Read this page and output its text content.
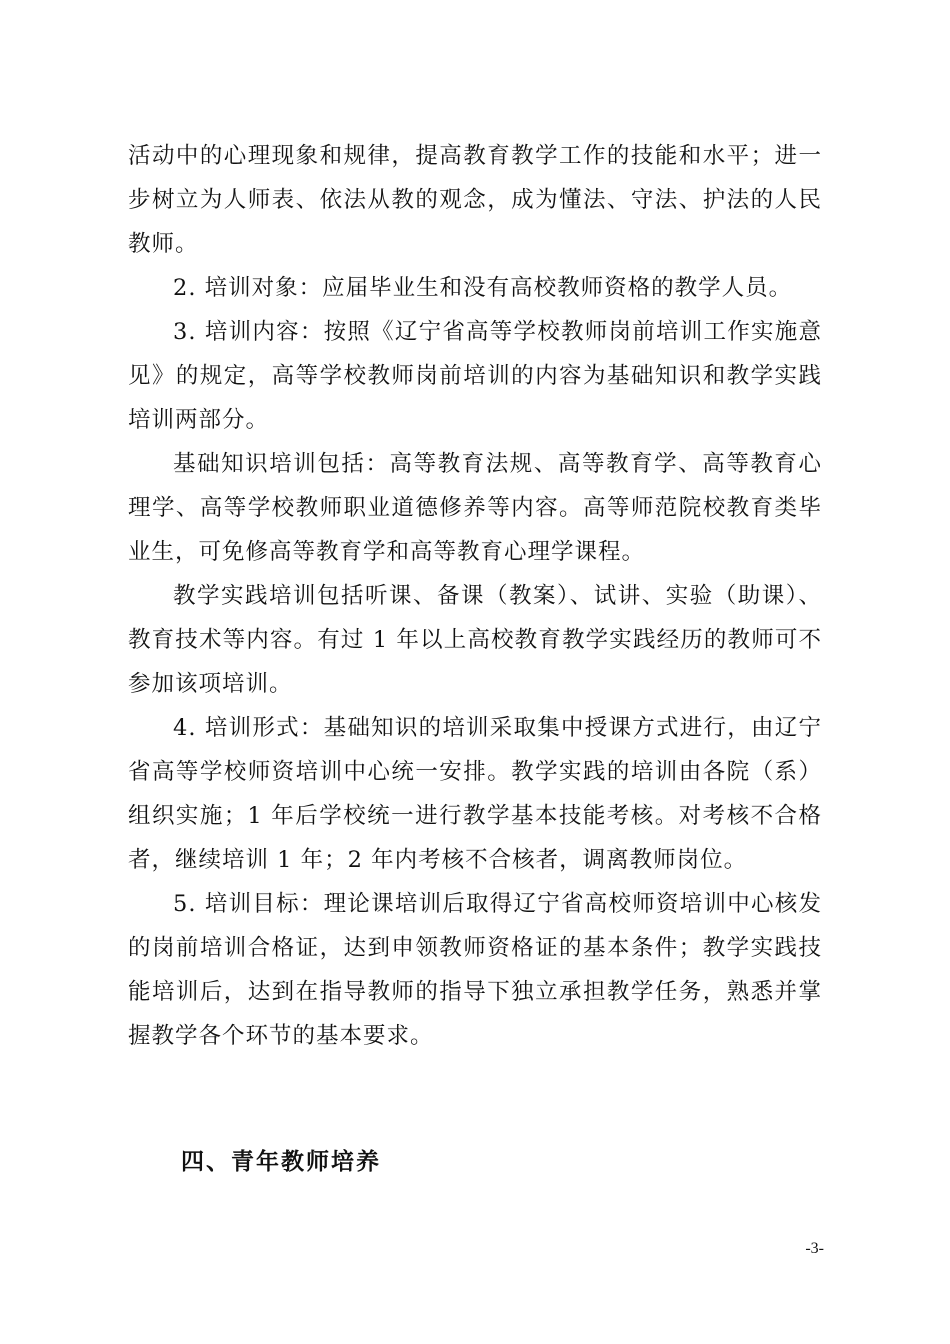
活动中的心理现象和规律，提高教育教学工作的技能和水平；进一步树立为人师表、依法从教的观念，成为懂法、守法、护法的人民教师。

2. 培训对象：应届毕业生和没有高校教师资格的教学人员。

3. 培训内容：按照《辽宁省高等学校教师岗前培训工作实施意见》的规定，高等学校教师岗前培训的内容为基础知识和教学实践培训两部分。

基础知识培训包括：高等教育法规、高等教育学、高等教育心理学、高等学校教师职业道德修养等内容。高等师范院校教育类毕业生，可免修高等教育学和高等教育心理学课程。

教学实践培训包括听课、备课（教案）、试讲、实验（助课）、教育技术等内容。有过 1 年以上高校教育教学实践经历的教师可不参加该项培训。

4. 培训形式：基础知识的培训采取集中授课方式进行，由辽宁省高等学校师资培训中心统一安排。教学实践的培训由各院（系）组织实施；1 年后学校统一进行教学基本技能考核。对考核不合格者，继续培训 1 年；2 年内考核不合核者，调离教师岗位。

5. 培训目标：理论课培训后取得辽宁省高校师资培训中心核发的岗前培训合格证，达到申领教师资格证的基本条件；教学实践技能培训后，达到在指导教师的指导下独立承担教学任务，熟悉并掌握教学各个环节的基本要求。

四、青年教师培养
-3-
